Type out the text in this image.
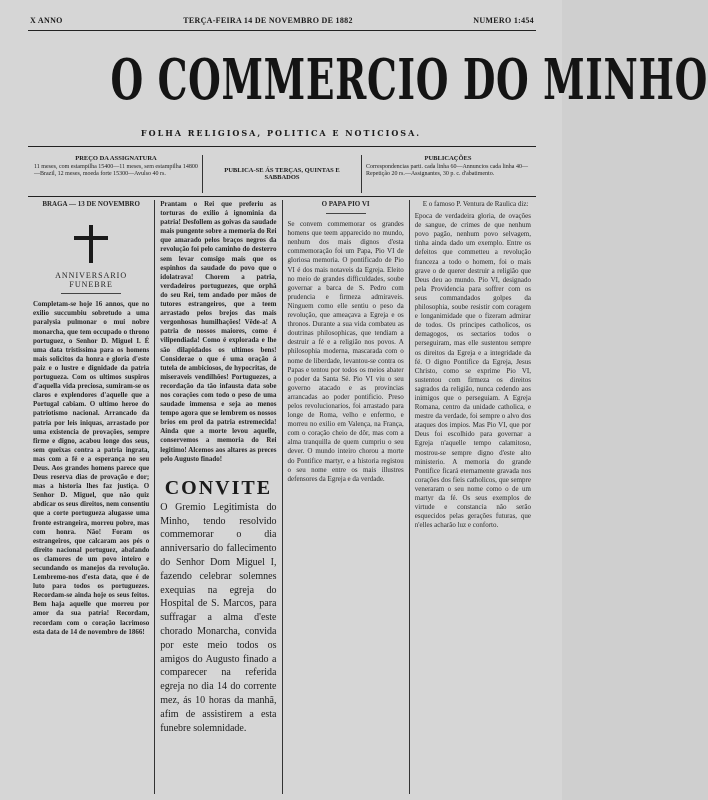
X ANNO	TERÇA-FEIRA 14 DE NOVEMBRO DE 1882	NUMERO 1:454
O COMMERCIO DO MINHO
FOLHA RELIGIOSA, POLITICA E NOTICIOSA.
PREÇO DA ASSIGNATURA
11 meses, com estampilha 15400—11 meses, sem estampilha 14800—Brazil, 12 meses, moeda forte 15300—Avulso 40 rs.
PUBLICA-SE ÁS TERÇAS, QUINTAS E SABBADOS
PUBLICAÇÕES
Correspondencias parti. cada linha 60—Annuncios cada linha 40—Repetição 20 rs.—Assignantes, 30 p. c. d'abatimento.
BRAGA — 13 DE NOVEMBRO
ANNIVERSARIO FUNEBRE
Completam-se hoje 16 annos, que no exilio succumbiu sobretudo a uma paralysia pulmonar o mui nobre monarcha, que tem occupado o throno portuguez, o Senhor D. Miguel I. É uma data tristissima para os homens mais solicitos da honra e gloria d'este paiz e o lustre e dignidade da patria portugueza. Com os ultimos suspiros d'aquella vida preciosa, sumiram-se os claros e explendores d'aquelle que a Portugal cabiam. O ultimo heroe do patriotismo nacional. Arrancado da patria por leis iniquas, arrastado por uma existencia de provações, sempre firme e digno, acabou longe dos seus, sem queixas contra a patria ingrata, mas com a fé e a esperança no seu Deus. Aos grandes homens parece que Deus reserva dias de provação e dor; mas a historia lhes faz justiça. O Senhor D. Miguel, que não quiz abdicar os seus direitos, nem consentiu que a corte portugueza alugasse uma fronte estrangeira, morreu pobre, mas com honra. Não! Foram os estrangeiros, que calcaram aos pés o direito nacional portuguez, abafando os clamores de um povo inteiro e secundando os manejos da revolução. Lembremo-nos d'esta data, que é de luto para todos os portuguezes. Recordam-se ainda hoje os seus feitos. Bem haja aquelle que morreu por amor da sua patria! Recordam, recordam com o coração lacrimoso esta data de 14 de novembro de 1866!
Prantam o Rei que preferiu as torturas do exilio á ignominia da patria! Desfollem as goivas da saudade mais pungente sobre a memoria do Rei que amarado pelos braços negros da revolução foi pelo caminho do desterro sem levar comsigo mais que os espinhos da saudade do povo que o idolatrava! Chorem a patria, verdadeiros portuguezes, que orphã do seu Rei, tem andado por mãos de tutores estrangeiros, que a teem arrastado pelos brejos das mais vergonhosas humilhações! Vêde-a! A patria de nossos maiores, como é vilipendiada! Como é explorada e lhe são dilapidados os ultimos bens! Considerae o que é uma oração á tutela de ambiciosos, de hypocritas, de miseraveis vendilhões! Portuguezes, a recordação da tão infausta data sobe nos corações com todo o peso de uma saudade immensa e seja ao menos tempo agora que se lembrem os nossos brios em prol da patria estremecida! Ainda que a morte levou aquelle, conservemos a memoria do Rei legitimo! Alcemos aos altares as preces pelo Augusto finado!
CONVITE
O Gremio Legitimista do Minho, tendo resolvido commemorar o dia anniversario do fallecimento do Senhor Dom Miguel I, fazendo celebrar solemnes exequias na egreja do Hospital de S. Marcos, para suffragar a alma d'este chorado Monarcha, convida por este meio todos os amigos do Augusto finado a comparecer na referida egreja no dia 14 do corrente mez, ás 10 horas da manhã, afim de assistirem a esta funebre solemnidade.
O PAPA PIO VI
Se convem commemorar os grandes homens que teem apparecido no mundo, nenhum dos mais dignos d'esta commemoração foi um Papa, Pio VI de gloriosa memoria. O pontificado de Pio VI é dos mais notaveis da Egreja. Eleito no meio de grandes difficuldades, soube governar a barca de S. Pedro com prudencia e firmeza admiraveis. Ninguem como elle sentiu o peso da revolução, que ameaçava a Egreja e os thronos. Durante a sua vida combateu as doutrinas philosophicas, que tendiam a destruir a fé e a religião nos povos. A philosophia moderna, mascarada com o nome de liberdade, levantou-se contra os Papas e tentou por todos os meios abater o poder da Santa Sé. Pio VI viu o seu governo atacado e as provincias arrancadas ao poder pontificio. Preso pelos revolucionarios, foi arrastado para longe de Roma, velho e enfermo, e morreu no exilio em Valença, na França, com o coração cheio de dôr, mas com a alma tranquilla de quem cumpriu o seu dever. O mundo inteiro chorou a morte do Pontifice martyr, e a historia registou o seu nome entre os mais illustres defensores da Egreja e da verdade.
E o famoso P. Ventura de Raulica diz:
Epoca de verdadeira gloria, de ovações de sangue, de crimes de que nenhum povo pagão, nenhum povo selvagem, tinha ainda dado um exemplo. Entre os defeitos que commetteu a revolução franceza a todo o homem, foi o mais grave o de querer destruir a religião que Deus deu ao mundo. Pio VI, designado pela Providencia para soffrer com os seus commandados golpes da philosophia, soube resistir com coragem e longanimidade que o fizeram admirar de todos. Os principes catholicos, os demagogos, os sectarios todos o perseguiram, mas elle sustentou sempre os direitos da Egreja e a integridade da fé. O digno Pontifice da Egreja, Jesus Christo, como se exprime Pio VI, sustentou com firmeza os direitos sagrados da religião, nunca cedendo aos inimigos que o perseguiam. A Egreja Romana, centro da unidade catholica, e mestre da verdade, foi sempre o alvo dos ataques dos impios. Mas Pio VI, que por Deus foi escolhido para governar a Egreja n'aquelle tempo calamitoso, mostrou-se sempre digno d'este alto ministerio. A memoria do grande Pontifice ficará eternamente gravada nos corações dos fieis catholicos, que sempre veneraram o seu nome como o de um martyr da fé. Os seus exemplos de virtude e constancia não serão esquecidos pelas gerações futuras, que n'elles acharão luz e conforto.
